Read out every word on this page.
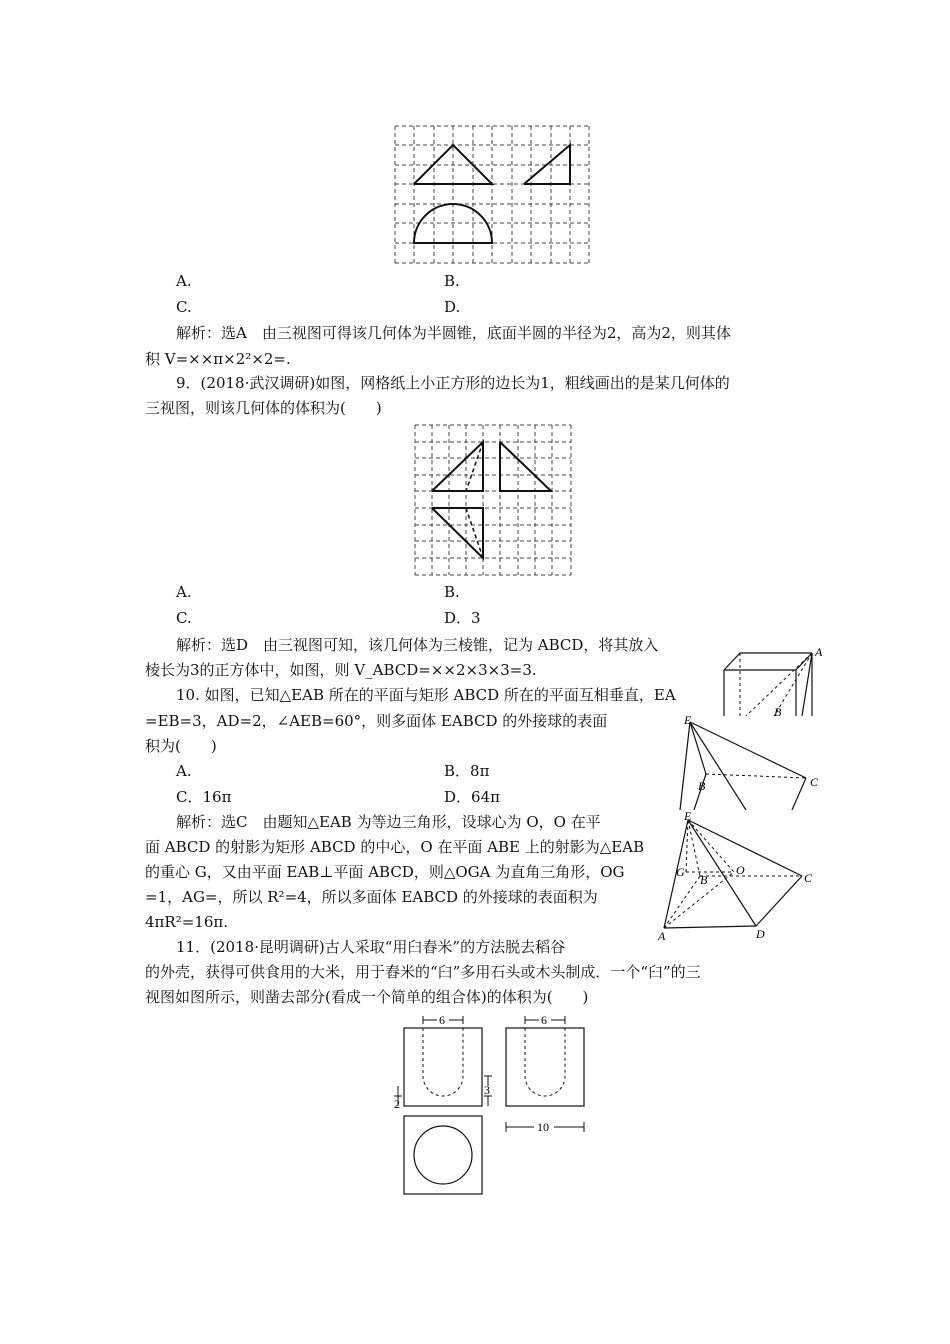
A.	B.
C.	D.
解析：选A　由三视图可得该几何体为半圆锥，底面半圆的半径为2，高为2，则其体
积 V=××π×2²×2=.
9．(2018·武汉调研)如图，网格纸上小正方形的边长为1，粗线画出的是某几何体的
三视图，则该几何体的体积为(　　)
A.	B.
C.	D．3
解析：选D　由三视图可知，该几何体为三棱锥，记为 ABCD，将其放入
棱长为3的正方体中，如图，则 V_ABCD=××2×3×3=3.
A
B
10. 如图，已知△EAB 所在的平面与矩形 ABCD 所在的平面互相垂直，EA
=EB=3，AD=2，∠AEB=60°，则多面体 EABCD 的外接球的表面
积为(　　)
A.	B．8π
C．16π	D．64π
解析：选C　由题知△EAB 为等边三角形，设球心为 O，O 在平
面 ABCD 的射影为矩形 ABCD 的中心，O 在平面 ABE 上的射影为△EAB
的重心 G，又由平面 EAB⊥平面 ABCD，则△OGA 为直角三角形，OG
=1，AG=，所以 R²=4，所以多面体 EABCD 的外接球的表面积为
4πR²=16π.
E
B	C
E
G
B
O
C
A	D
11．(2018·昆明调研)古人采取“用臼舂米”的方法脱去稻谷
的外壳，获得可供食用的大米，用于舂米的“臼”多用石头或木头制成．一个“臼”的三
视图如图所示，则凿去部分(看成一个简单的组合体)的体积为(　　)
6	6
3
2
10
